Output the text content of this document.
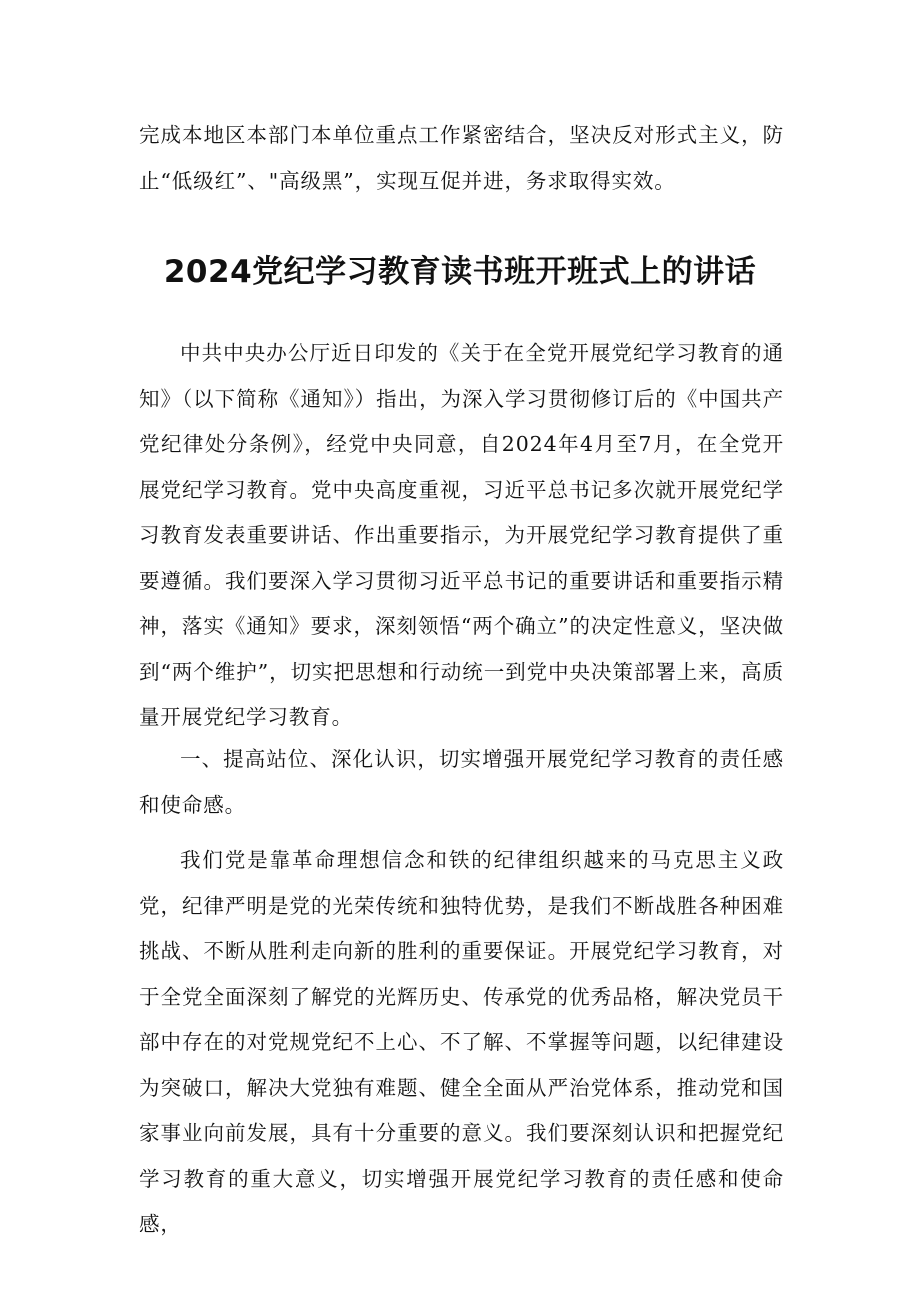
完成本地区本部门本单位重点工作紧密结合，坚决反对形式主义，防止“低级红”、"高级黑”，实现互促并进，务求取得实效。

2024党纪学习教育读书班开班式上的讲话

中共中央办公厅近日印发的《关于在全党开展党纪学习教育的通知》（以下简称《通知》）指出，为深入学习贯彻修订后的《中国共产党纪律处分条例》，经党中央同意，自2024年4月至7月，在全党开展党纪学习教育。党中央高度重视，习近平总书记多次就开展党纪学习教育发表重要讲话、作出重要指示，为开展党纪学习教育提供了重要遵循。我们要深入学习贯彻习近平总书记的重要讲话和重要指示精神，落实《通知》要求，深刻领悟“两个确立”的决定性意义，坚决做到“两个维护”，切实把思想和行动统一到党中央决策部署上来，高质量开展党纪学习教育。

一、提高站位、深化认识，切实增强开展党纪学习教育的责任感和使命感。

我们党是靠革命理想信念和铁的纪律组织越来的马克思主义政党，纪律严明是党的光荣传统和独特优势，是我们不断战胜各种困难挑战、不断从胜利走向新的胜利的重要保证。开展党纪学习教育，对于全党全面深刻了解党的光辉历史、传承党的优秀品格，解决党员干部中存在的对党规党纪不上心、不了解、不掌握等问题，以纪律建设为突破口，解决大党独有难题、健全全面从严治党体系，推动党和国家事业向前发展，具有十分重要的意义。我们要深刻认识和把握党纪学习教育的重大意义，切实增强开展党纪学习教育的责任感和使命感，
